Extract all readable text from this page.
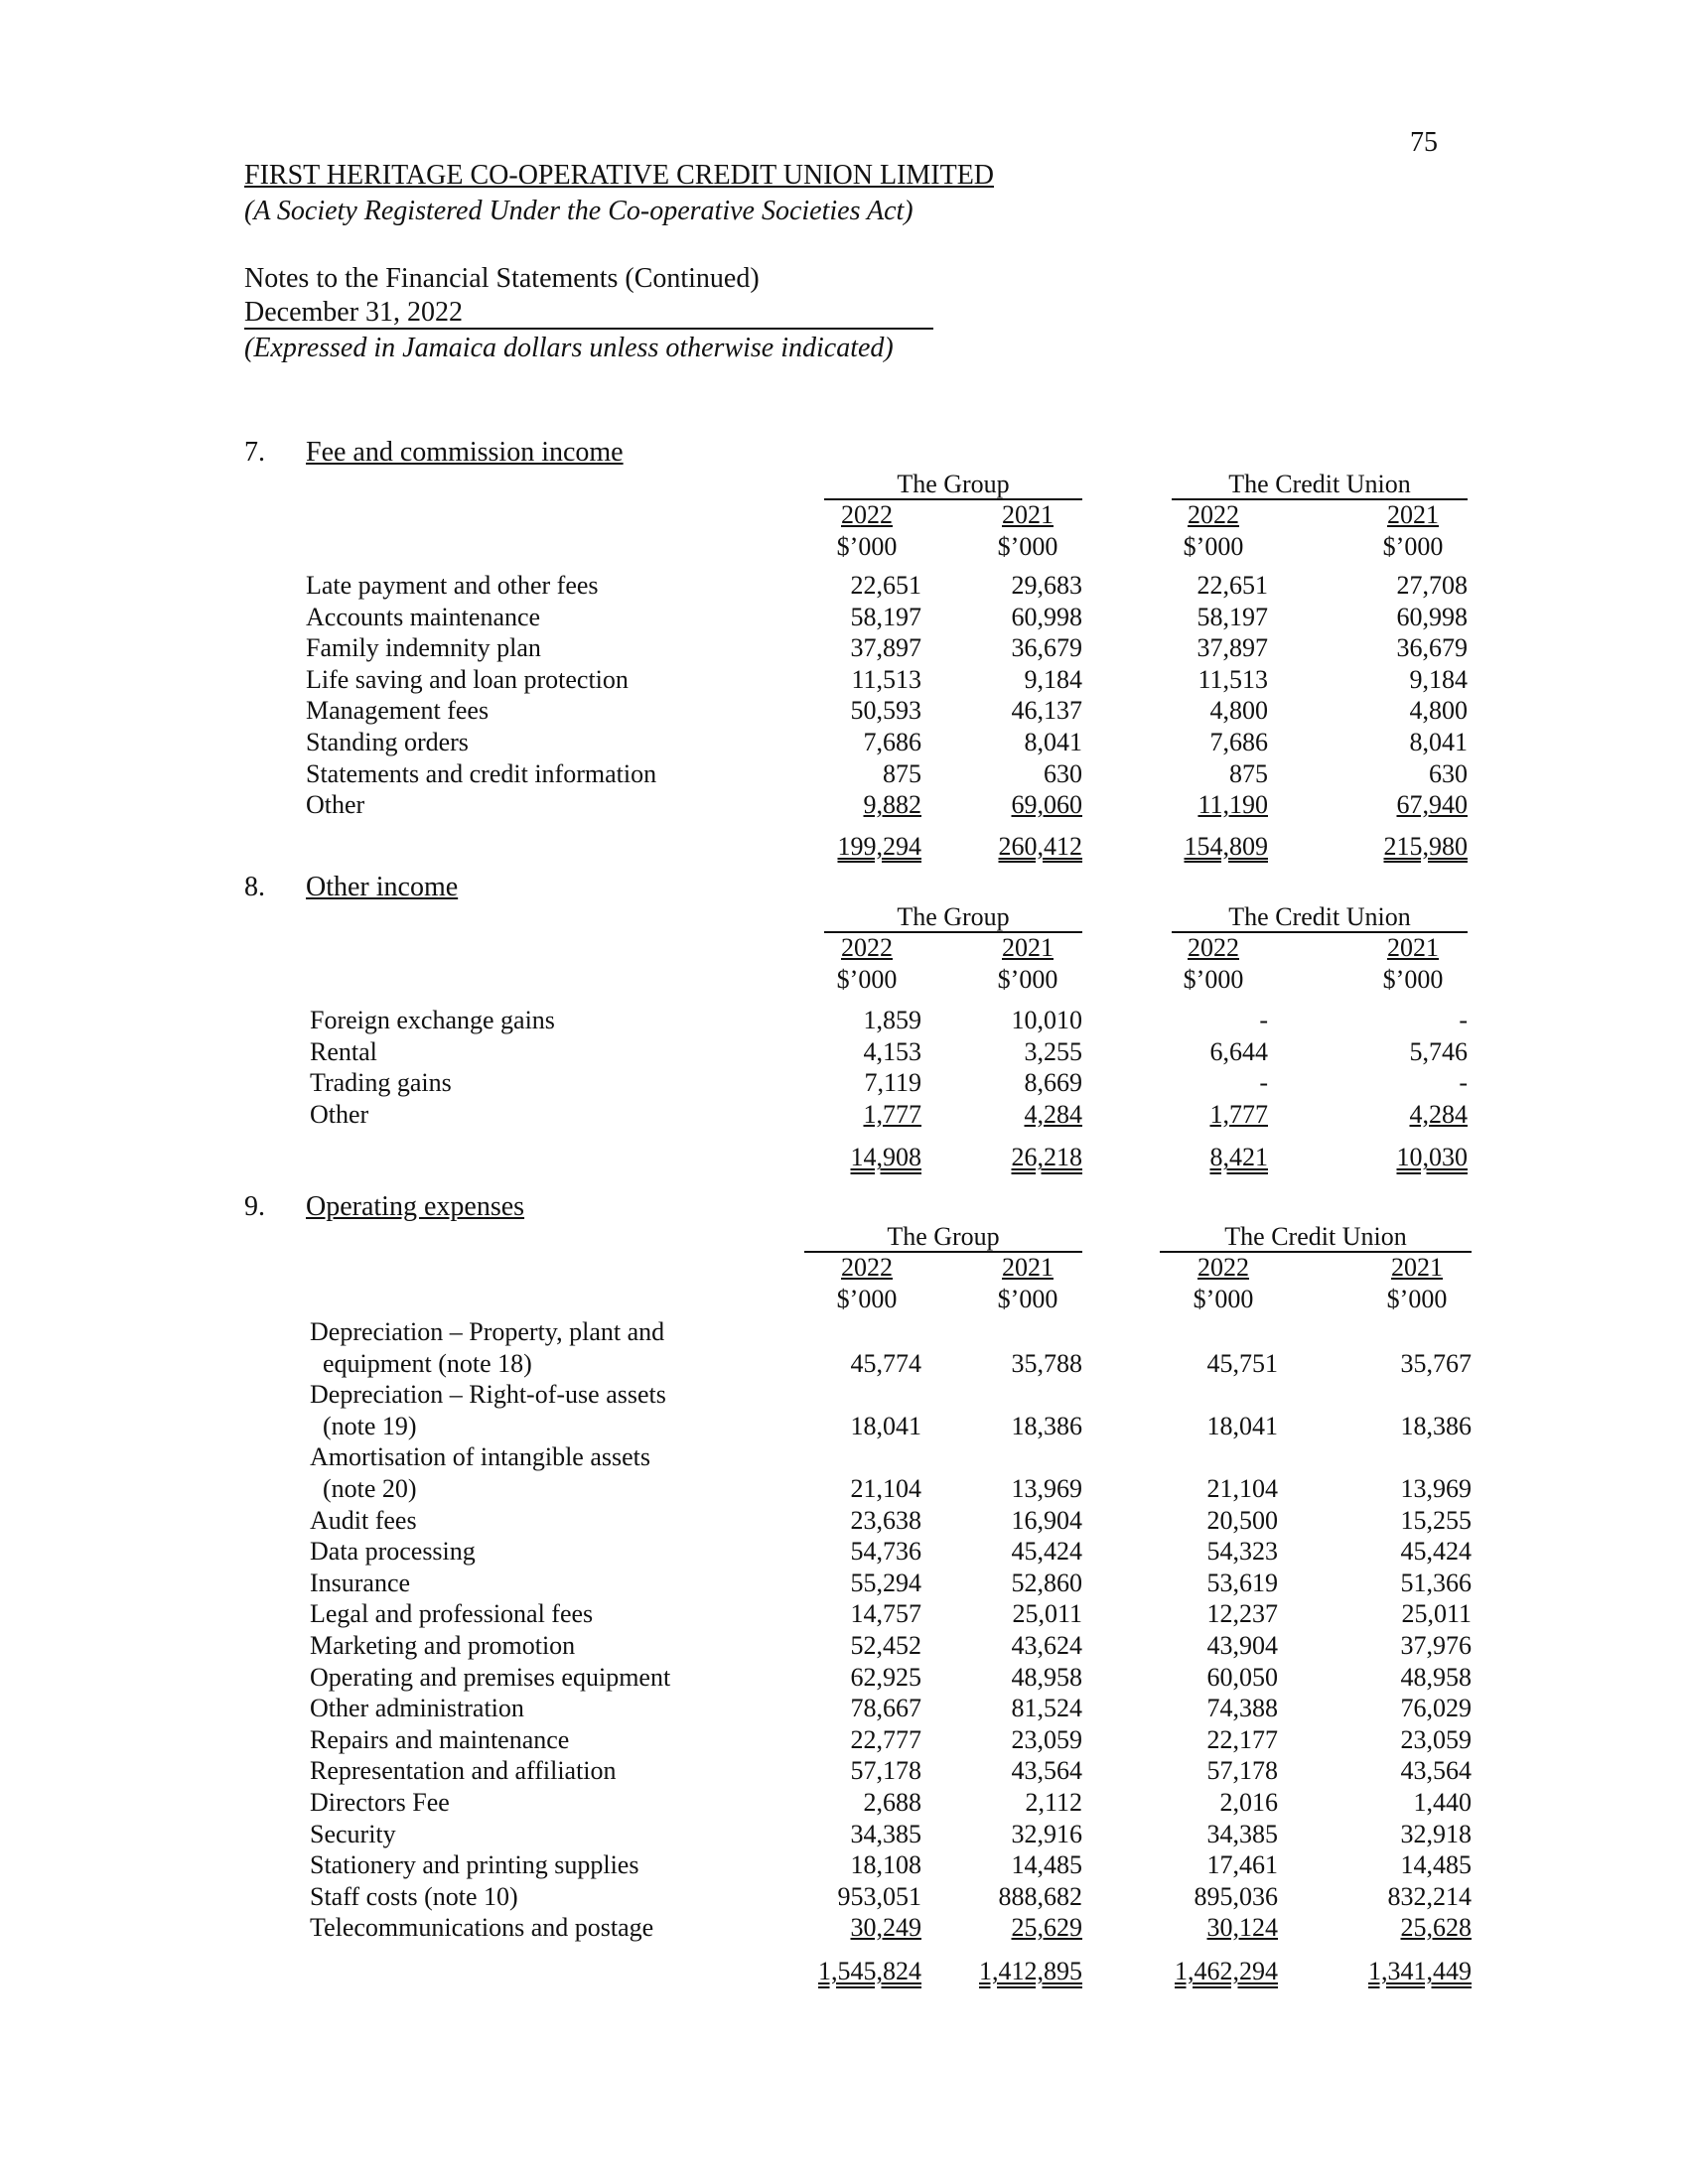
75
FIRST HERITAGE CO-OPERATIVE CREDIT UNION LIMITED
(A Society Registered Under the Co-operative Societies Act)
Notes to the Financial Statements (Continued)
December 31, 2022
(Expressed in Jamaica dollars unless otherwise indicated)
7. Fee and commission income
The Group	The Credit Union
2022
$’000
2021
$’000
2022
$’000
2021
$’000
Late payment and other fees	22,651	29,683	22,651	27,708
Accounts maintenance	58,197	60,998	58,197	60,998
Family indemnity plan	37,897	36,679	37,897	36,679
Life saving and loan protection	11,513	9,184	11,513	9,184
Management fees	50,593	46,137	4,800	4,800
Standing orders	7,686	8,041	7,686	8,041
Statements and credit information	875	630	875	630
Other	9,882	69,060	11,190	67,940
199,294	260,412	154,809	215,980
8. Other income
The Group	The Credit Union
2022
$’000
2021
$’000
2022
$’000
2021
$’000
Foreign exchange gains	1,859	10,010	-	-
Rental	4,153	3,255	6,644	5,746
Trading gains	7,119	8,669	-	-
Other	1,777	4,284	1,777	4,284
14,908	26,218	8,421	10,030
9. Operating expenses
The Group	The Credit Union
2022
$’000
2021
$’000
2022
$’000
2021
$’000
Depreciation – Property, plant and
equipment (note 18)	45,774	35,788	45,751	35,767
Depreciation – Right-of-use assets
(note 19)	18,041	18,386	18,041	18,386
Amortisation of intangible assets
(note 20)	21,104	13,969	21,104	13,969
Audit fees	23,638	16,904	20,500	15,255
Data processing	54,736	45,424	54,323	45,424
Insurance	55,294	52,860	53,619	51,366
Legal and professional fees	14,757	25,011	12,237	25,011
Marketing and promotion	52,452	43,624	43,904	37,976
Operating and premises equipment	62,925	48,958	60,050	48,958
Other administration	78,667	81,524	74,388	76,029
Repairs and maintenance	22,777	23,059	22,177	23,059
Representation and affiliation	57,178	43,564	57,178	43,564
Directors Fee	2,688	2,112	2,016	1,440
Security	34,385	32,916	34,385	32,918
Stationery and printing supplies	18,108	14,485	17,461	14,485
Staff costs (note 10)	953,051	888,682	895,036	832,214
Telecommunications and postage	30,249	25,629	30,124	25,628
1,545,824 1,412,895	1,462,294	1,341,449
